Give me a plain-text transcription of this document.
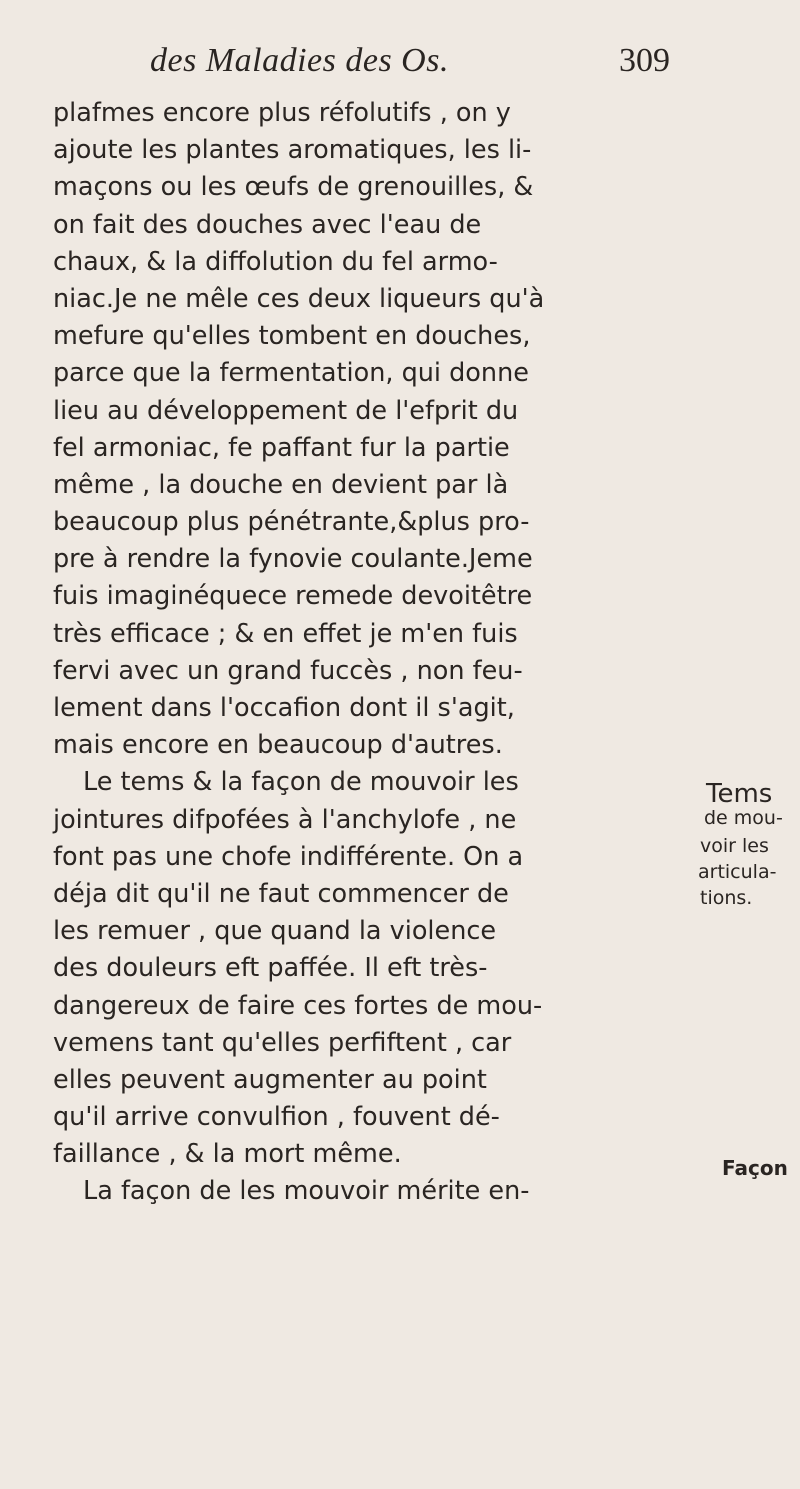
des Maladies des Os.	309
plafmes encore plus réfolutifs , on y
ajoute les plantes aromatiques, les li-
maçons ou les œufs de grenouilles, &
on fait des douches avec l'eau de
chaux, & la diffolution du fel armo-
niac.Je ne mêle ces deux liqueurs qu'à
mefure qu'elles tombent en douches,
parce que la fermentation, qui donne
lieu au développement de l'efprit du
fel armoniac, fe paffant fur la partie
même , la douche en devient par là
beaucoup plus pénétrante,&plus pro-
pre à rendre la fynovie coulante.Jeme
fuis imaginéquece remede devoitêtre
très efficace ; & en effet je m'en fuis
fervi avec un grand fuccès , non feu-
lement dans l'occafion dont il s'agit,
mais encore en beaucoup d'autres.
Le tems & la façon de mouvoir les
jointures difpofées à l'anchylofe , ne
font pas une chofe indifférente. On a
déja dit qu'il ne faut commencer de
les remuer , que quand la violence
des douleurs eft paffée. Il eft très-
dangereux de faire ces fortes de mou-
vemens tant qu'elles perfiftent , car
elles peuvent augmenter au point
qu'il arrive convulfion , fouvent dé-
faillance , & la mort même.
La façon de les mouvoir mérite en-
Tems
de mou-
voir les
articula-
tions.
Façon
